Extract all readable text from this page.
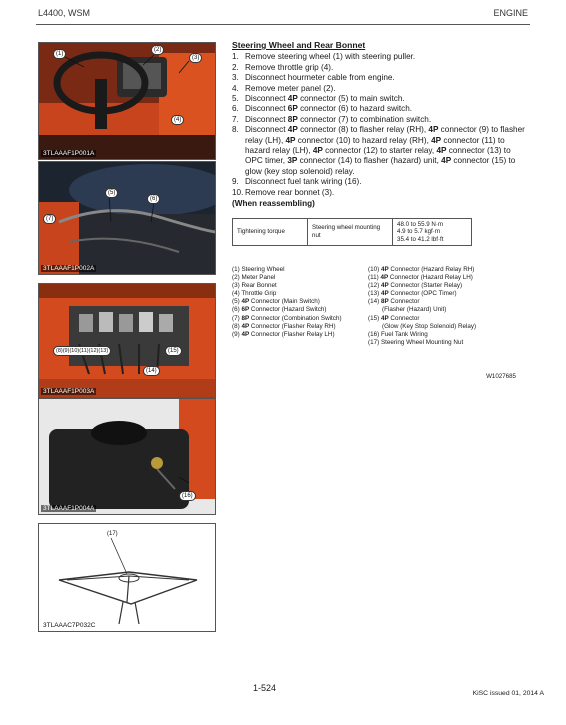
L4400, WSM	ENGINE
(1)
(2)
(3)
(4)
3TLAAAF1P001A
(5)
(6)
(7)
3TLAAAF1P002A
(8)(9)(10)(11)(12)(13)
(14)
(15)
3TLAAAF1P003A
(16)
3TLAAAF1P004A
(17)
3TLAAAC7P032C
Steering Wheel and Rear Bonnet
1. Remove steering wheel (1) with steering puller.
2. Remove throttle grip (4).
3. Disconnect hourmeter cable from engine.
4. Remove meter panel (2).
5. Disconnect 4P connector (5) to main switch.
6. Disconnect 6P connector (6) to hazard switch.
7. Disconnect 8P connector (7) to combination switch.
8. Disconnect 4P connector (8) to flasher relay (RH), 4P connector (9) to flasher relay (LH), 4P connector (10) to hazard relay (RH), 4P connector (11) to hazard relay (LH), 4P connector (12) to starter relay, 4P connector (13) to OPC timer, 3P connector (14) to flasher (hazard) unit, 4P connector (15) to glow (key stop solenoid) relay.
9. Disconnect fuel tank wiring (16).
10. Remove rear bonnet (3).
(When reassembling)
Tightening torque	Steering wheel mounting nut	
48.0 to 55.9 N·m
4.9 to 5.7 kgf·m
35.4 to 41.2 lbf·ft
(1) Steering Wheel
(2) Meter Panel
(3) Rear Bonnet
(4) Throttle Grip
(5) 4P Connector (Main Switch)
(6) 6P Connector (Hazard Switch)
(7) 8P Connector (Combination Switch)
(8) 4P Connector (Flasher Relay RH)
(9) 4P Connector (Flasher Relay LH)
(10) 4P Connector (Hazard Relay RH)
(11) 4P Connector (Hazard Relay LH)
(12) 4P Connector (Starter Relay)
(13) 4P Connector (OPC Timer)
(14) 8P Connector
(Flasher (Hazard) Unit)
(15) 4P Connector
(Glow (Key Stop Solenoid) Relay)
(16) Fuel Tank Wiring
(17) Steering Wheel Mounting Nut
W1027685
1-524
KiSC issued 01, 2014 A
